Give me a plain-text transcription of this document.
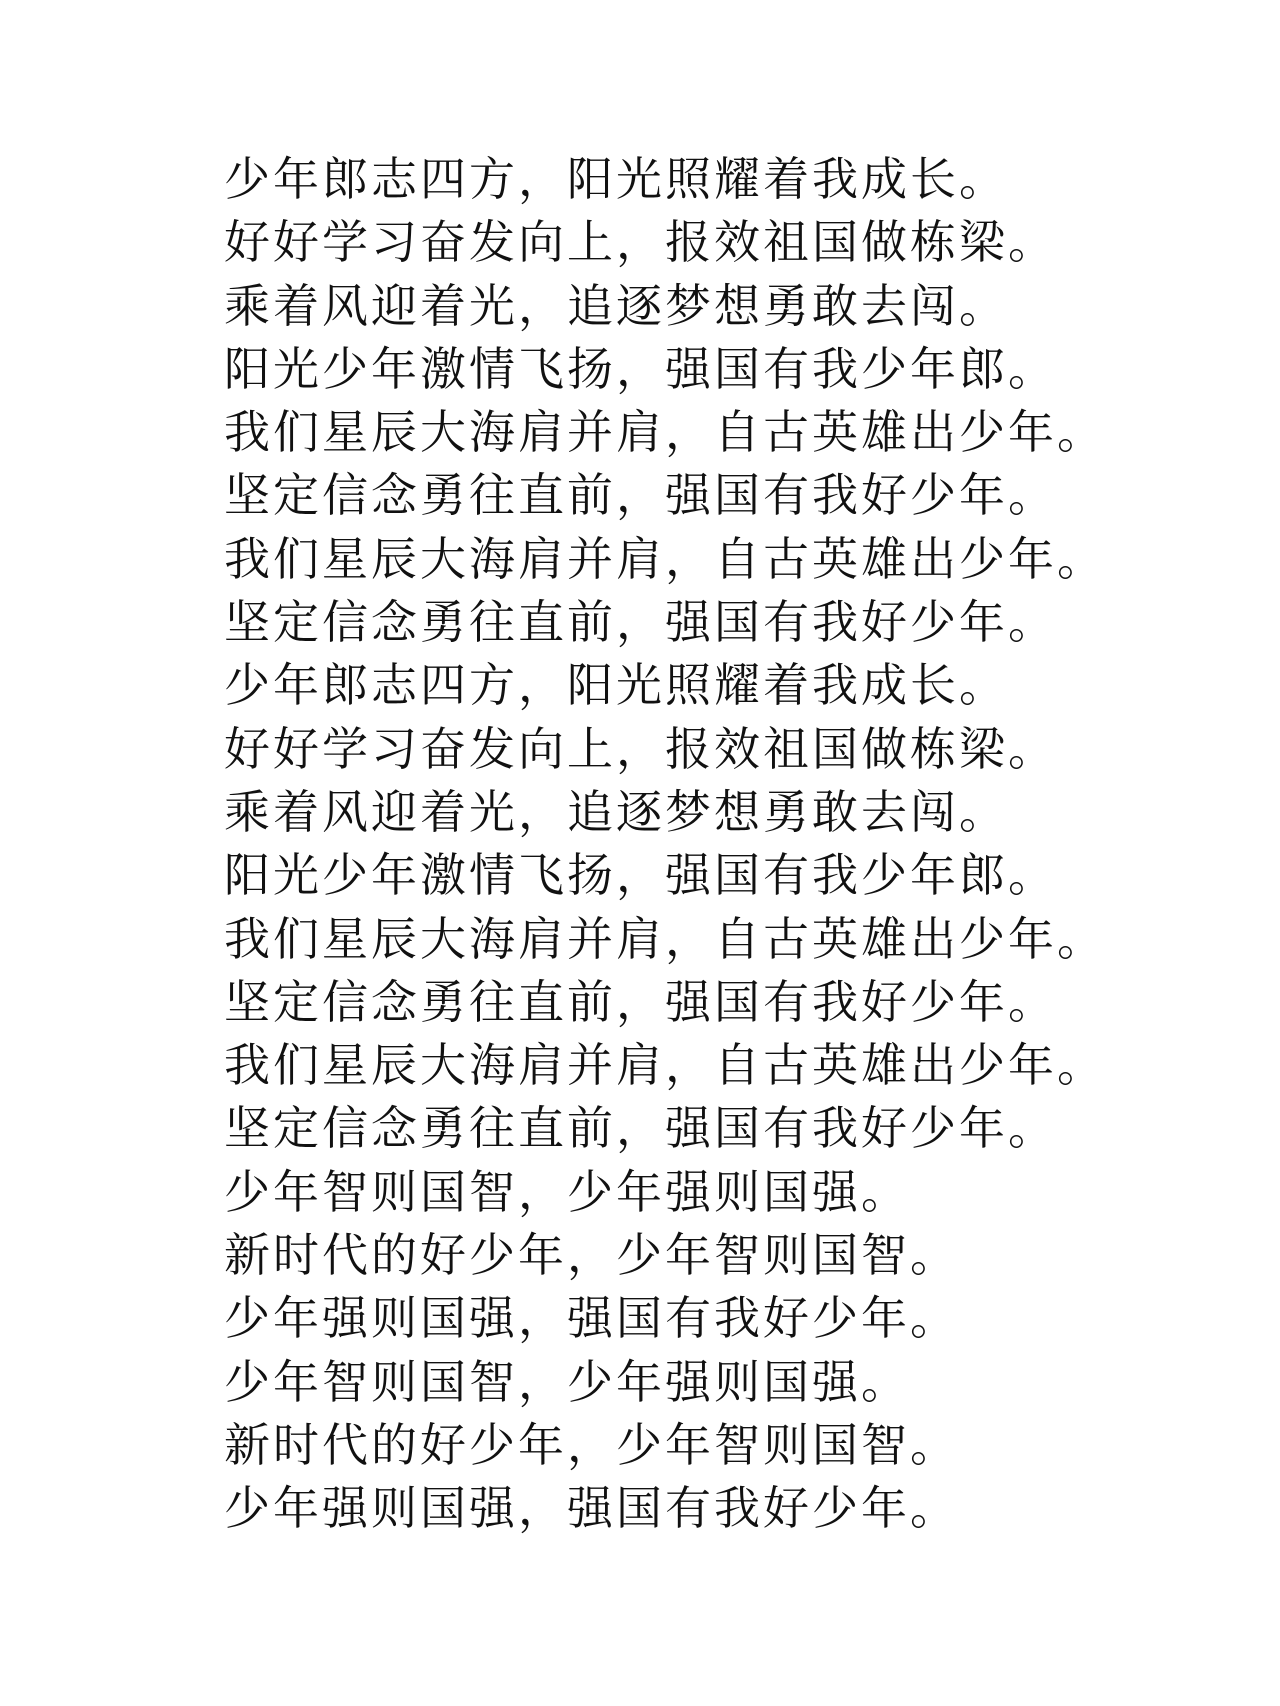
少年郎志四方，阳光照耀着我成长。
好好学习奋发向上，报效祖国做栋梁。
乘着风迎着光，追逐梦想勇敢去闯。
阳光少年激情飞扬，强国有我少年郎。
我们星辰大海肩并肩，自古英雄出少年。
坚定信念勇往直前，强国有我好少年。
我们星辰大海肩并肩，自古英雄出少年。
坚定信念勇往直前，强国有我好少年。
少年郎志四方，阳光照耀着我成长。
好好学习奋发向上，报效祖国做栋梁。
乘着风迎着光，追逐梦想勇敢去闯。
阳光少年激情飞扬，强国有我少年郎。
我们星辰大海肩并肩，自古英雄出少年。
坚定信念勇往直前，强国有我好少年。
我们星辰大海肩并肩，自古英雄出少年。
坚定信念勇往直前，强国有我好少年。
少年智则国智，少年强则国强。
新时代的好少年，少年智则国智。
少年强则国强，强国有我好少年。
少年智则国智，少年强则国强。
新时代的好少年，少年智则国智。
少年强则国强，强国有我好少年。
